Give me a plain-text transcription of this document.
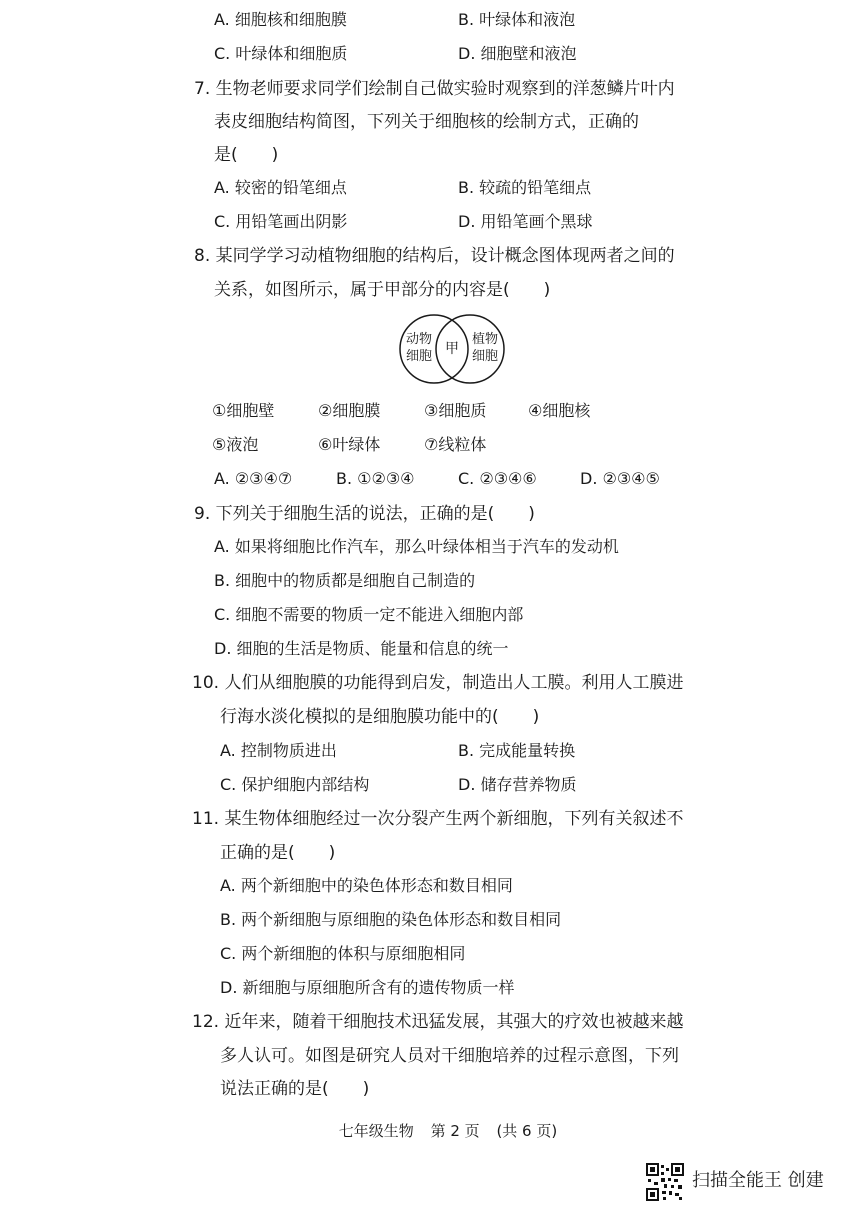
A. 细胞核和细胞膜	B. 叶绿体和液泡
C. 叶绿体和细胞质	D. 细胞壁和液泡
7. 生物老师要求同学们绘制自己做实验时观察到的洋葱鳞片叶内
表皮细胞结构简图，下列关于细胞核的绘制方式，正确的
是(　　)
A. 较密的铅笔细点	B. 较疏的铅笔细点
C. 用铅笔画出阴影	D. 用铅笔画个黑球
8. 某同学学习动植物细胞的结构后，设计概念图体现两者之间的
关系，如图所示，属于甲部分的内容是(　　)
动物
细胞 甲
植物
细胞
①细胞壁	②细胞膜	③细胞质	④细胞核
⑤液泡	⑥叶绿体	⑦线粒体
A. ②③④⑦	B. ①②③④	C. ②③④⑥	D. ②③④⑤
9. 下列关于细胞生活的说法，正确的是(　　)
A. 如果将细胞比作汽车，那么叶绿体相当于汽车的发动机
B. 细胞中的物质都是细胞自己制造的
C. 细胞不需要的物质一定不能进入细胞内部
D. 细胞的生活是物质、能量和信息的统一
10. 人们从细胞膜的功能得到启发，制造出人工膜。利用人工膜进
行海水淡化模拟的是细胞膜功能中的(　　)
A. 控制物质进出	B. 完成能量转换
C. 保护细胞内部结构	D. 储存营养物质
11. 某生物体细胞经过一次分裂产生两个新细胞，下列有关叙述不
正确的是(　　)
A. 两个新细胞中的染色体形态和数目相同
B. 两个新细胞与原细胞的染色体形态和数目相同
C. 两个新细胞的体积与原细胞相同
D. 新细胞与原细胞所含有的遗传物质一样
12. 近年来，随着干细胞技术迅猛发展，其强大的疗效也被越来越
多人认可。如图是研究人员对干细胞培养的过程示意图，下列
说法正确的是(　　)
七年级生物 第 2 页 (共 6 页)
扫描全能王 创建
